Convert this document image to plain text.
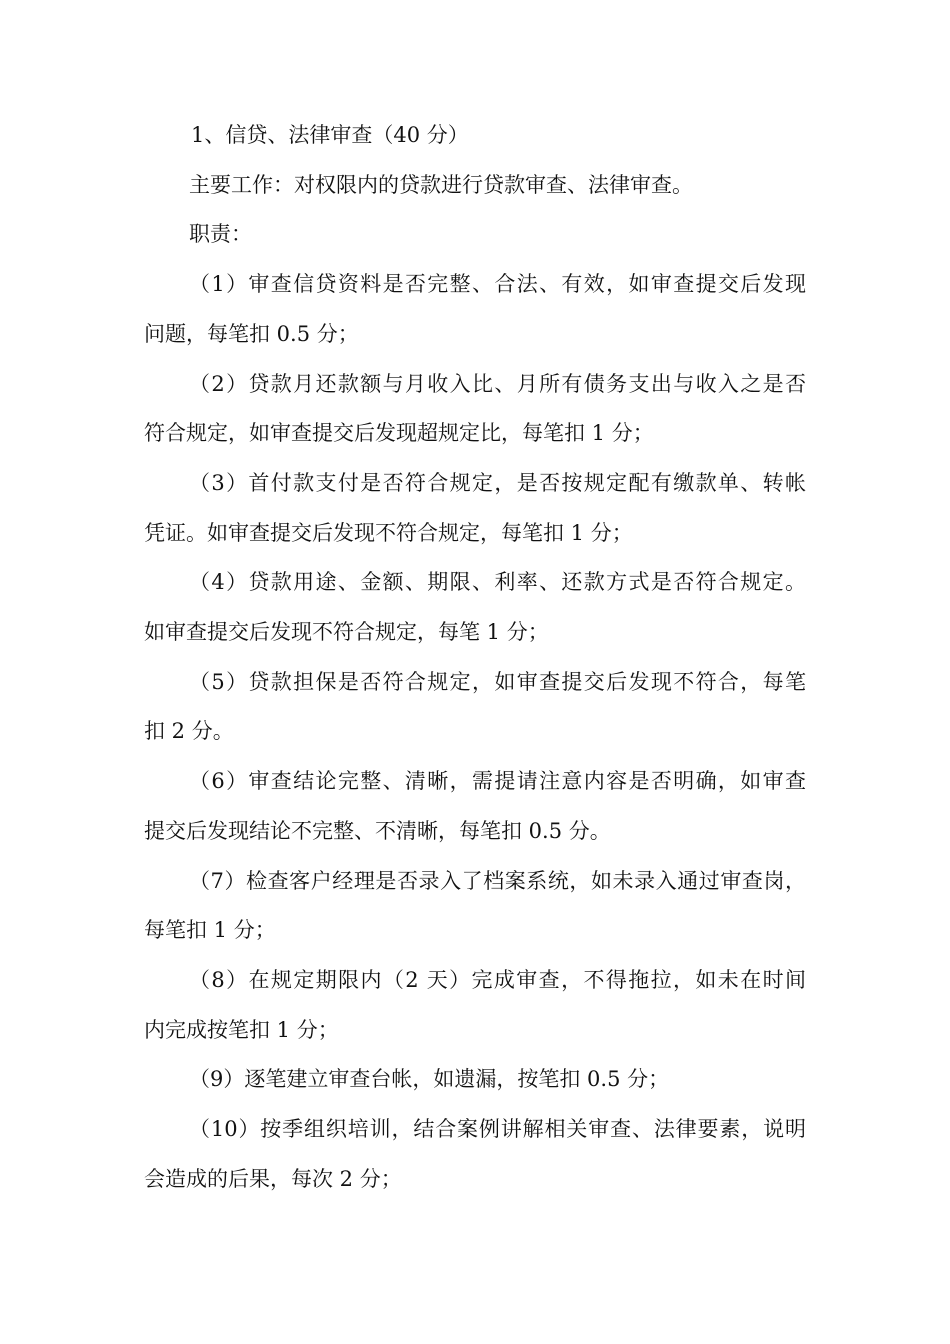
1、信贷、法律审查（40 分）

主要工作：对权限内的贷款进行贷款审查、法律审查。

职责：

（1）审查信贷资料是否完整、合法、有效，如审查提交后发现

问题，每笔扣 0.5 分；

（2）贷款月还款额与月收入比、月所有债务支出与收入之是否

符合规定，如审查提交后发现超规定比，每笔扣 1 分；

（3）首付款支付是否符合规定，是否按规定配有缴款单、转帐

凭证。如审查提交后发现不符合规定，每笔扣 1 分；

（4）贷款用途、金额、期限、利率、还款方式是否符合规定。

如审查提交后发现不符合规定，每笔 1 分；

（5）贷款担保是否符合规定，如审查提交后发现不符合，每笔

扣 2 分。

（6）审查结论完整、清晰，需提请注意内容是否明确，如审查

提交后发现结论不完整、不清晰，每笔扣 0.5 分。

（7）检查客户经理是否录入了档案系统，如未录入通过审查岗，

每笔扣 1 分；

（8）在规定期限内（2 天）完成审查，不得拖拉，如未在时间

内完成按笔扣 1 分；

（9）逐笔建立审查台帐，如遗漏，按笔扣 0.5 分；

（10）按季组织培训，结合案例讲解相关审查、法律要素，说明

会造成的后果，每次 2 分；
